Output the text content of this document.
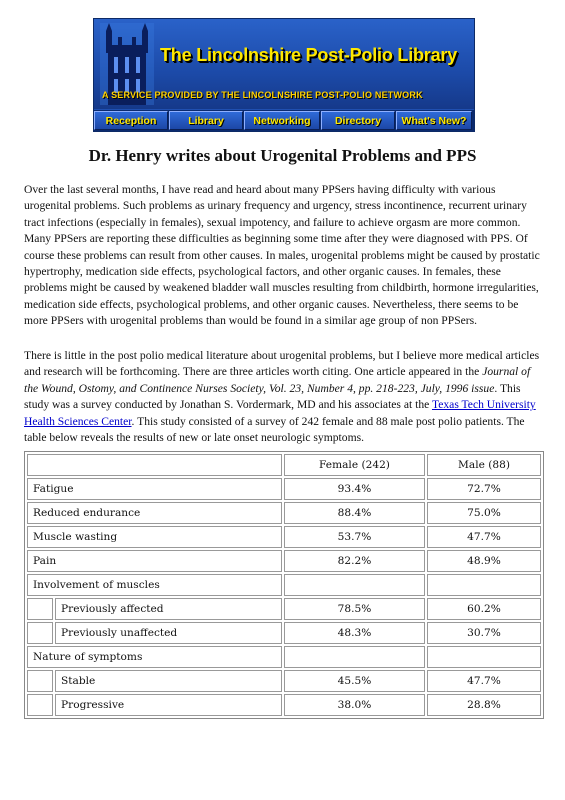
The Lincolnshire Post-Polio Library
A SERVICE PROVIDED BY THE LINCOLNSHIRE POST-POLIO NETWORK
Reception	Library	Networking	Directory	What's New?
Dr. Henry writes about Urogenital Problems and PPS

Over the last several months, I have read and heard about many PPSers having difficulty with various urogenital problems. Such problems as urinary frequency and urgency, stress incontinence, recurrent urinary tract infections (especially in females), sexual impotency, and failure to achieve orgasm are more common. Many PPSers are reporting these difficulties as beginning some time after they were diagnosed with PPS. Of course these problems can result from other causes. In males, urogenital problems might be caused by prostatic hypertrophy, medication side effects, psychological factors, and other organic causes. In females, these problems might be caused by weakened bladder wall muscles resulting from childbirth, hormone irregularities, medication side effects, psychological problems, and other organic causes. Nevertheless, there seems to be more PPSers with urogenital problems than would be found in a similar age group of non PPSers.

There is little in the post polio medical literature about urogenital problems, but I believe more medical articles and research will be forthcoming. There are three articles worth citing. One article appeared in the Journal of the Wound, Ostomy, and Continence Nurses Society, Vol. 23, Number 4, pp. 218-223, July, 1996 issue. This study was a survey conducted by Jonathan S. Vordermark, MD and his associates at the Texas Tech University Health Sciences Center. This study consisted of a survey of 242 female and 88 male post polio patients. The table below reveals the results of new or late onset neurologic symptoms.

		Female (242)	Male (88)
Fatigue		93.4%	72.7%
Reduced endurance		88.4%	75.0%
Muscle wasting		53.7%	47.7%
Pain		82.2%	48.9%
Involvement of muscles			
	Previously affected	78.5%	60.2%
	Previously unaffected	48.3%	30.7%
Nature of symptoms			
	Stable	45.5%	47.7%
	Progressive	38.0%	28.8%
